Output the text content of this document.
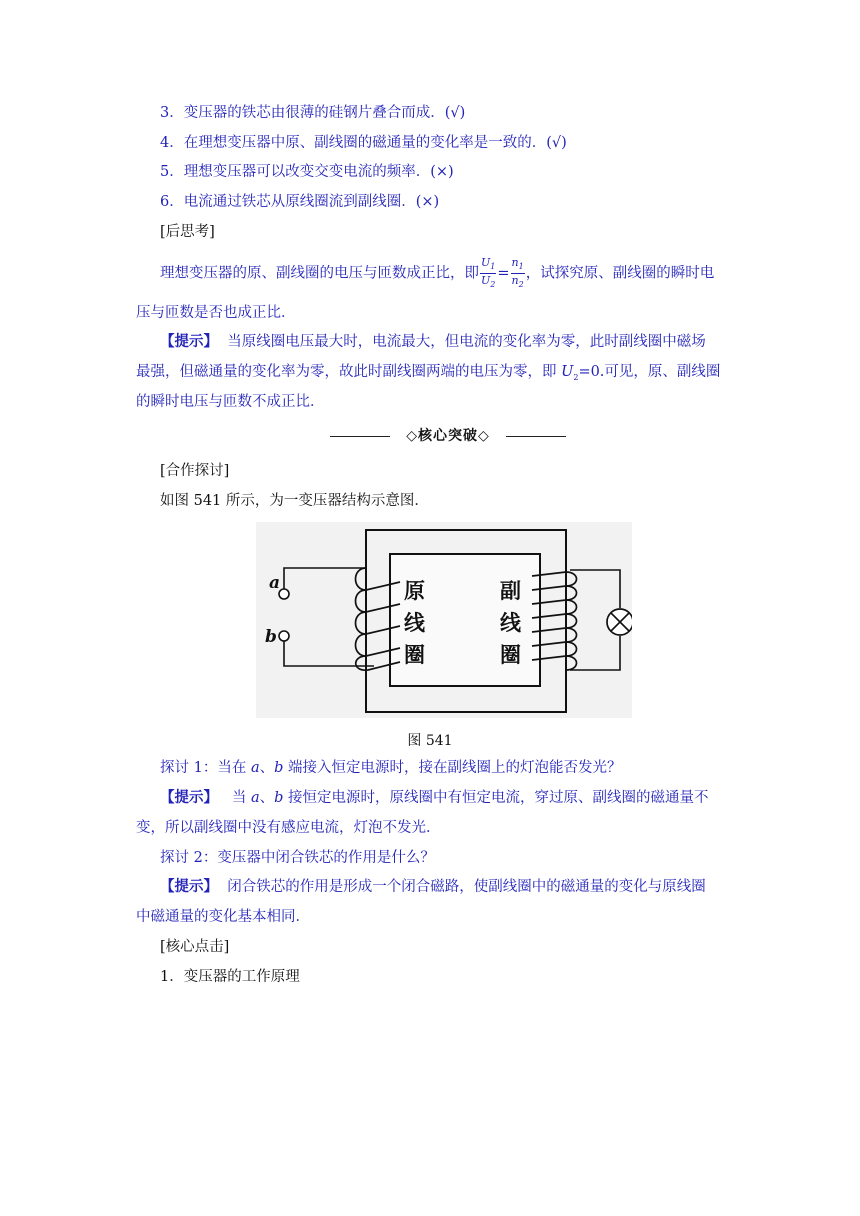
3．变压器的铁芯由很薄的硅钢片叠合而成．(√)
4．在理想变压器中原、副线圈的磁通量的变化率是一致的．(√)
5．理想变压器可以改变交变电流的频率．(×)
6．电流通过铁芯从原线圈流到副线圈．(×)
[后思考]
理想变压器的原、副线圈的电压与匝数成正比，即 $\frac{U_1}{U_2} = \frac{n_1}{n_2}$ ，试探究原、副线圈的瞬时电
压与匝数是否也成正比．
【提示】 当原线圈电压最大时，电流最大，但电流的变化率为零，此时副线圈中磁场
最强，但磁通量的变化率为零，故此时副线圈两端的电压为零，即 $U_2=0$.可见，原、副线圈
的瞬时电压与匝数不成正比．
◇核心突破◇
[合作探讨]
如图 541 所示，为一变压器结构示意图．
a
b
原
线
圈
副
线
圈
图 541
探讨 1：当在 a、b 端接入恒定电源时，接在副线圈上的灯泡能否发光？
【提示】 当 a、b 接恒定电源时，原线圈中有恒定电流，穿过原、副线圈的磁通量不
变，所以副线圈中没有感应电流，灯泡不发光．
探讨 2：变压器中闭合铁芯的作用是什么？
【提示】 闭合铁芯的作用是形成一个闭合磁路，使副线圈中的磁通量的变化与原线圈
中磁通量的变化基本相同．
[核心点击]
1．变压器的工作原理
